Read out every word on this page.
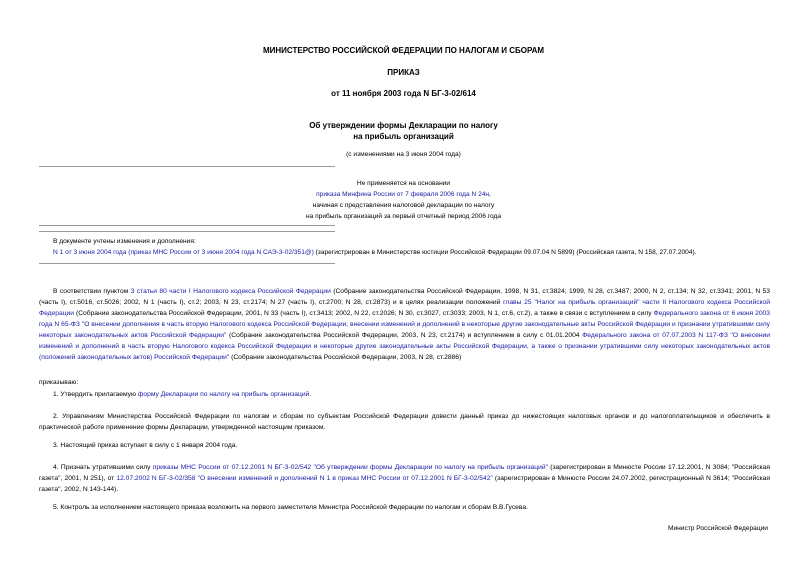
МИНИСТЕРСТВО РОССИЙСКОЙ ФЕДЕРАЦИИ ПО НАЛОГАМ И СБОРАМ
ПРИКАЗ
от 11 ноября 2003 года N БГ-3-02/614
Об утверждении формы Декларации по налогу
на прибыль организаций
(с изменениями на 3 июня 2004 года)
Не применяется на основании
приказа Минфина России от 7 февраля 2006 года N 24н,
начиная с представления налоговой декларации по налогу
на прибыль организаций за первый отчетный период 2006 года
В документе учтены изменения и дополнения:
N 1 от 3 июня 2004 года (приказ МНС России от 3 июня 2004 года N САЭ-3-02/351@) (зарегистрирован в Министерстве юстиции Российской Федерации 09.07.04 N 5899) (Российская газета, N 158, 27.07.2004).
В соответствии пунктом 3 статьи 80 части I Налогового кодекса Российской Федерации (Собрание законодательства Российской Федерации, 1998, N 31, ст.3824; 1999, N 28, ст.3487; 2000, N 2, ст.134; N 32, ст.3341; 2001, N 53 (часть I), ст.5016, ст.5026; 2002, N 1 (часть I), ст.2; 2003, N 23, ст.2174; N 27 (часть I), ст.2700; N 28, ст.2873) и в целях реализации положений главы 25 "Налог на прибыль организаций" части II Налогового кодекса Российской Федерации (Собрание законодательства Российской Федерации, 2001, N 33 (часть I), ст.3413; 2002, N 22, ст.2026; N 30, ст.3027, ст.3033; 2003, N 1, ст.6, ст.2), а также в связи с вступлением в силу Федерального закона от 6 июня 2003 года N 65-ФЗ "О внесении дополнения в часть вторую Налогового кодекса Российской Федерации, внесении изменений и дополнений в некоторые другие законодательные акты Российской Федерации и признании утратившими силу некоторых законодательных актов Российской Федерации" (Собрание законодательства Российской Федерации, 2003, N 23, ст.2174) и вступлением в силу с 01.01.2004 Федерального закона от 07.07.2003 N 117-ФЗ "О внесении изменений и дополнений в часть вторую Налогового кодекса Российской Федерации и некоторые другие законодательные акты Российской Федерации, а также о признании утратившими силу некоторых законодательных актов (положений законодательных актов) Российской Федерации" (Собрание законодательства Российской Федерации, 2003, N 28, ст.2886)
приказываю:
1. Утвердить прилагаемую форму Декларации по налогу на прибыль организаций.
2. Управлениям Министерства Российской Федерации по налогам и сборам по субъектам Российской Федерации довести данный приказ до нижестоящих налоговых органов и до налогоплательщиков и обеспечить в практической работе применение формы Декларации, утвержденной настоящим приказом.
3. Настоящий приказ вступает в силу с 1 января 2004 года.
4. Признать утратившими силу приказы МНС России от 07.12.2001 N БГ-3-02/542 "Об утверждении формы Декларации по налогу на прибыль организаций" (зарегистрирован в Минюсте России 17.12.2001, N 3084; "Российская газета", 2001, N 251), от 12.07.2002 N БГ-3-02/358 "О внесении изменений и дополнений N 1 в приказ МНС России от 07.12.2001 N БГ-3-02/542" (зарегистрирован в Минюсте России 24.07.2002, регистрационный N 3614; "Российская газета", 2002, N 143-144).
5. Контроль за исполнением настоящего приказа возложить на первого заместителя Министра Российской Федерации по налогам и сборам В.В.Гусева.
Министр Российской Федерации
